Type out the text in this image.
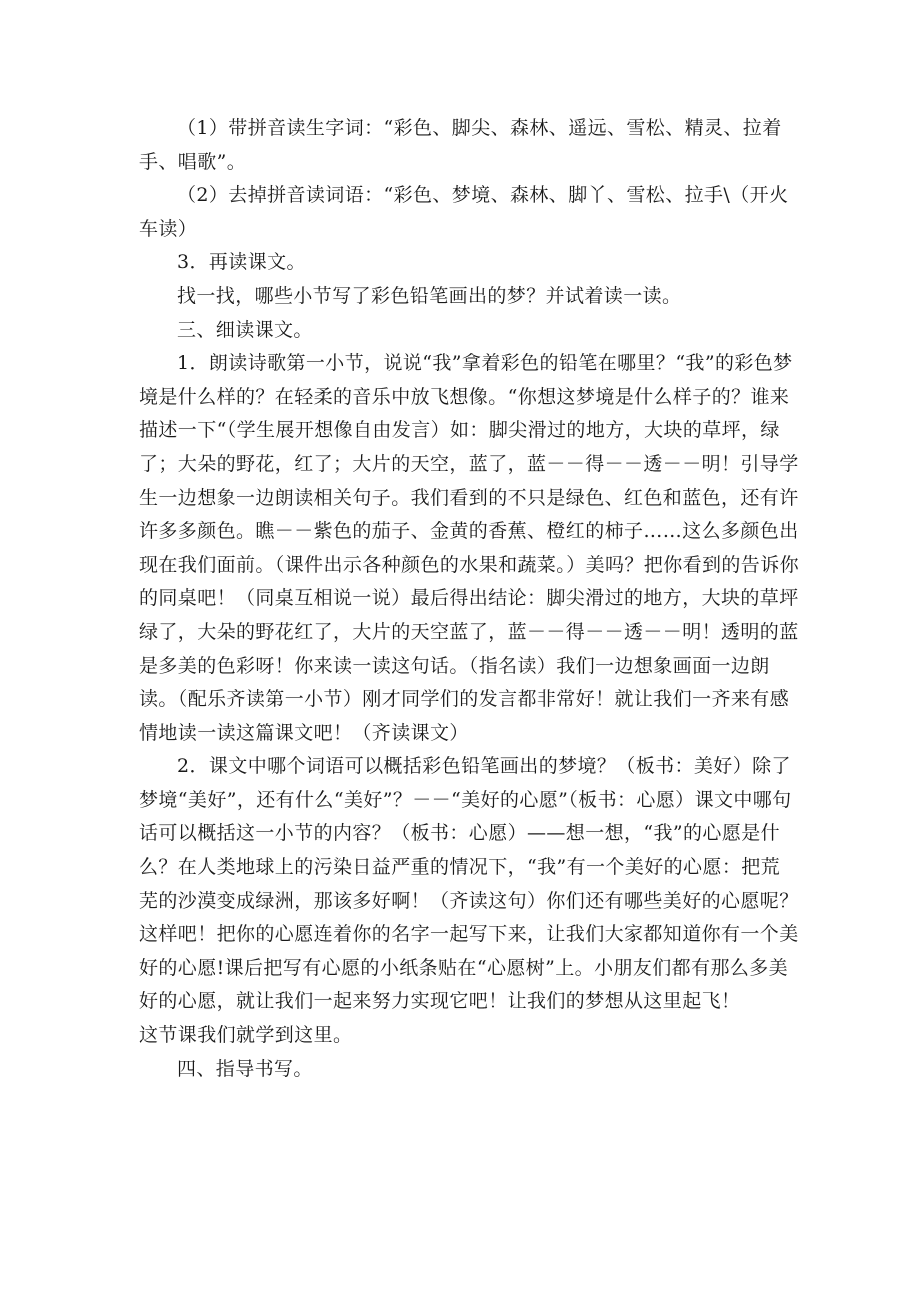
（1）带拼音读生字词：“彩色、脚尖、森林、遥远、雪松、精灵、拉着手、唱歌”。

（2）去掉拼音读词语：“彩色、梦境、森林、脚丫、雪松、拉手\（开火车读）

3．再读课文。

找一找，哪些小节写了彩色铅笔画出的梦？并试着读一读。

三、细读课文。

1．朗读诗歌第一小节，说说“我”拿着彩色的铅笔在哪里？“我”的彩色梦境是什么样的？在轻柔的音乐中放飞想像。“你想这梦境是什么样子的？谁来描述一下“（学生展开想像自由发言）如：脚尖滑过的地方，大块的草坪，绿了；大朵的野花，红了；大片的天空，蓝了，蓝－－得－－透－－明！引导学生一边想象一边朗读相关句子。我们看到的不只是绿色、红色和蓝色，还有许许多多颜色。瞧－－紫色的茄子、金黄的香蕉、橙红的柿子……这么多颜色出现在我们面前。（课件出示各种颜色的水果和蔬菜。）美吗？把你看到的告诉你的同桌吧！（同桌互相说一说）最后得出结论：脚尖滑过的地方，大块的草坪绿了，大朵的野花红了，大片的天空蓝了，蓝－－得－－透－－明！透明的蓝是多美的色彩呀！你来读一读这句话。（指名读）我们一边想象画面一边朗读。（配乐齐读第一小节）刚才同学们的发言都非常好！就让我们一齐来有感情地读一读这篇课文吧！（齐读课文）

2．课文中哪个词语可以概括彩色铅笔画出的梦境？（板书：美好）除了梦境“美好”，还有什么“美好”？－－“美好的心愿”（板书：心愿）课文中哪句话可以概括这一小节的内容？（板书：心愿）——想一想，“我”的心愿是什么？在人类地球上的污染日益严重的情况下，“我”有一个美好的心愿：把荒芜的沙漠变成绿洲，那该多好啊！（齐读这句）你们还有哪些美好的心愿呢？这样吧！把你的心愿连着你的名字一起写下来，让我们大家都知道你有一个美好的心愿!课后把写有心愿的小纸条贴在“心愿树”上。小朋友们都有那么多美好的心愿，就让我们一起来努力实现它吧！让我们的梦想从这里起飞！

这节课我们就学到这里。

四、指导书写。
